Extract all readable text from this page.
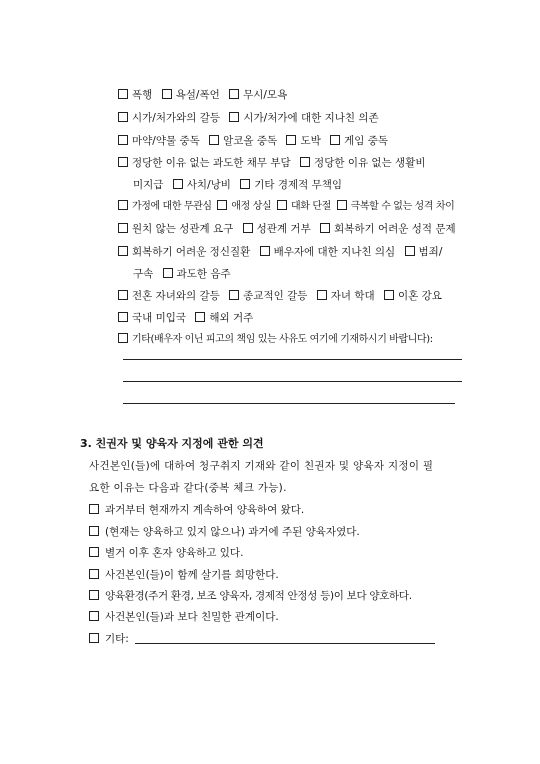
폭행 욕설/폭언 무시/모욕
시가/처가와의 갈등 시가/처가에 대한 지나친 의존
마약/약물 중독 알코올 중독 도박 게임 중독
정당한 이유 없는 과도한 채무 부담 정당한 이유 없는 생활비
미지급 사치/낭비 기타 경제적 무책임
가정에 대한 무관심 애정 상실 대화 단절 극복할 수 없는 성격 차이
원치 않는 성관계 요구 성관계 거부 회복하기 어려운 성적 문제
회복하기 어려운 정신질환 배우자에 대한 지나친 의심 범죄/
구속 과도한 음주
전혼 자녀와의 갈등 종교적인 갈등 자녀 학대 이혼 강요
국내 미입국 해외 거주
기타(배우자 이닌 피고의 책임 있는 사유도 여기에 기재하시기 바랍니다):
3. 친권자 및 양육자 지정에 관한 의견
사건본인(들)에 대하여 청구취지 기재와 같이 친권자 및 양육자 지정이 필
요한 이유는 다음과 같다(중복 체크 가능).
과거부터 현재까지 계속하여 양육하여 왔다.
(현재는 양육하고 있지 않으나) 과거에 주된 양육자였다.
별거 이후 혼자 양육하고 있다.
사건본인(들)이 함께 살기를 희망한다.
양육환경(주거 환경, 보조 양육자, 경제적 안정성 등)이 보다 양호하다.
사건본인(들)과 보다 친밀한 관계이다.
기타:
